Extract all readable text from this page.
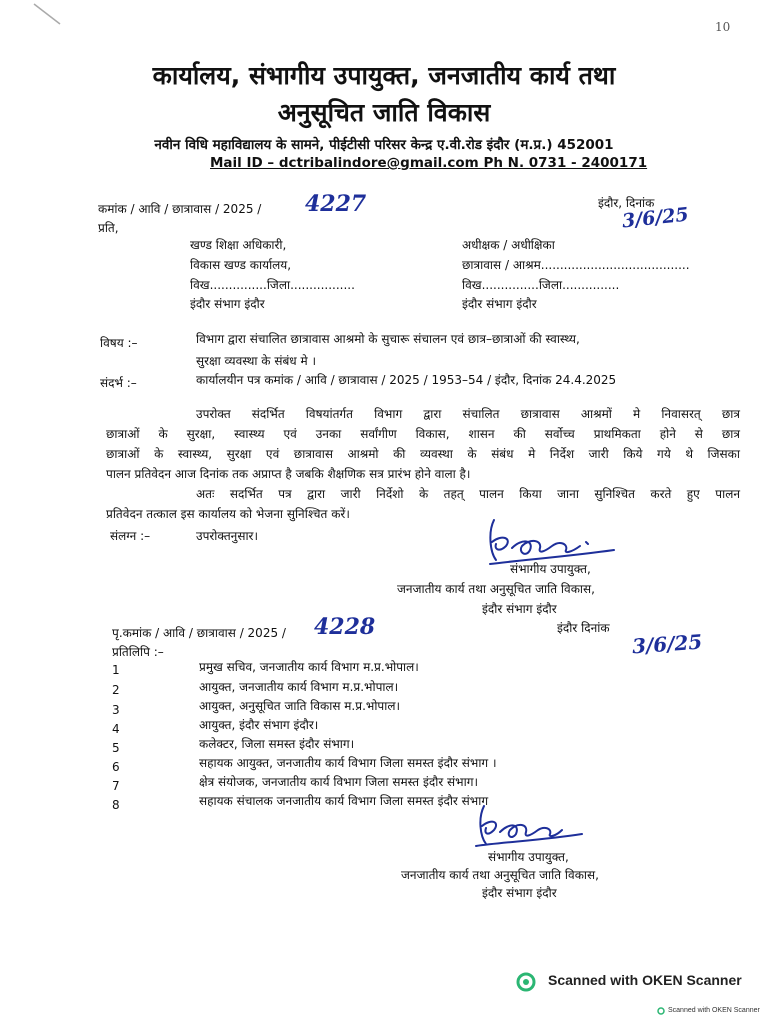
10
कार्यालय, संभागीय उपायुक्त, जनजातीय कार्य तथा
अनुसूचित जाति विकास
नवीन विधि महाविद्यालय के सामने, पीईटीसी परिसर केन्द्र ए.वी.रोड इंदौर (म.प्र.) 452001
Mail ID – dctribalindore@gmail.com Ph N. 0731 - 2400171
कमांक / आवि / छात्रावास / 2025 / 4227	इंदौर, दिनांक
3/6/25
प्रति,
खण्ड शिक्षा अधिकारी,
विकास खण्ड कार्यालय,
विख...............जिला.................
इंदौर संभाग इंदौर
अधीक्षक / अधीक्षिका
छात्रावास / आश्रम.......................................
विख...............जिला...............
इंदौर संभाग इंदौर
विषय :–	विभाग द्वारा संचालित छात्रावास आश्रमो के सुचारू संचालन एवं छात्र–छात्राओं की स्वास्थ्य,
सुरक्षा व्यवस्था के संबंध मे ।
संदर्भ :–	कार्यालयीन पत्र कमांक / आवि / छात्रावास / 2025 / 1953–54 / इंदौर, दिनांक 24.4.2025

उपरोक्त संदर्भित विषयांतर्गत विभाग द्वारा संचालित छात्रावास आश्रमों मे निवासरत् छात्र

छात्राओं के सुरक्षा, स्वास्थ्य एवं उनका सर्वांगीण विकास, शासन की सर्वोच्च प्राथमिकता होने से छात्र

छात्राओं के स्वास्थ्य, सुरक्षा एवं छात्रावास आश्रमो की व्यवस्था के संबंध मे निर्देश जारी किये गये थे जिसका

पालन प्रतिवेदन आज दिनांक तक अप्राप्त है जबकि शैक्षणिक सत्र प्रारंभ होने वाला है।

अतः सदर्भित पत्र द्वारा जारी निर्देशो के तहत् पालन किया जाना सुनिश्चित करते हुए पालन

प्रतिवेदन तत्काल इस कार्यालय को भेजना सुनिश्चित करें।

संलग्न :–	उपरोक्तनुसार।
संभागीय उपायुक्त,
जनजातीय कार्य तथा अनुसूचित जाति विकास,
इंदौर संभाग इंदौर
पृ.कमांक / आवि / छात्रावास / 2025 / 4228	इंदौर दिनांक
3/6/25
प्रतिलिपि :–
1	प्रमुख सचिव, जनजातीय कार्य विभाग म.प्र.भोपाल।
2	आयुक्त, जनजातीय कार्य विभाग म.प्र.भोपाल।
3	आयुक्त, अनुसूचित जाति विकास म.प्र.भोपाल।
4	आयुक्त, इंदौर संभाग इंदौर।
5	कलेक्टर, जिला समस्त इंदौर संभाग।
6	सहायक आयुक्त, जनजातीय कार्य विभाग जिला समस्त इंदौर संभाग ।
7	क्षेत्र संयोजक, जनजातीय कार्य विभाग जिला समस्त इंदौर संभाग।
8	सहायक संचालक जनजातीय कार्य विभाग जिला समस्त इंदौर संभाग
संभागीय उपायुक्त,
जनजातीय कार्य तथा अनुसूचित जाति विकास,
इंदौर संभाग इंदौर
Scanned with OKEN Scanner
Scanned with OKEN Scanner
